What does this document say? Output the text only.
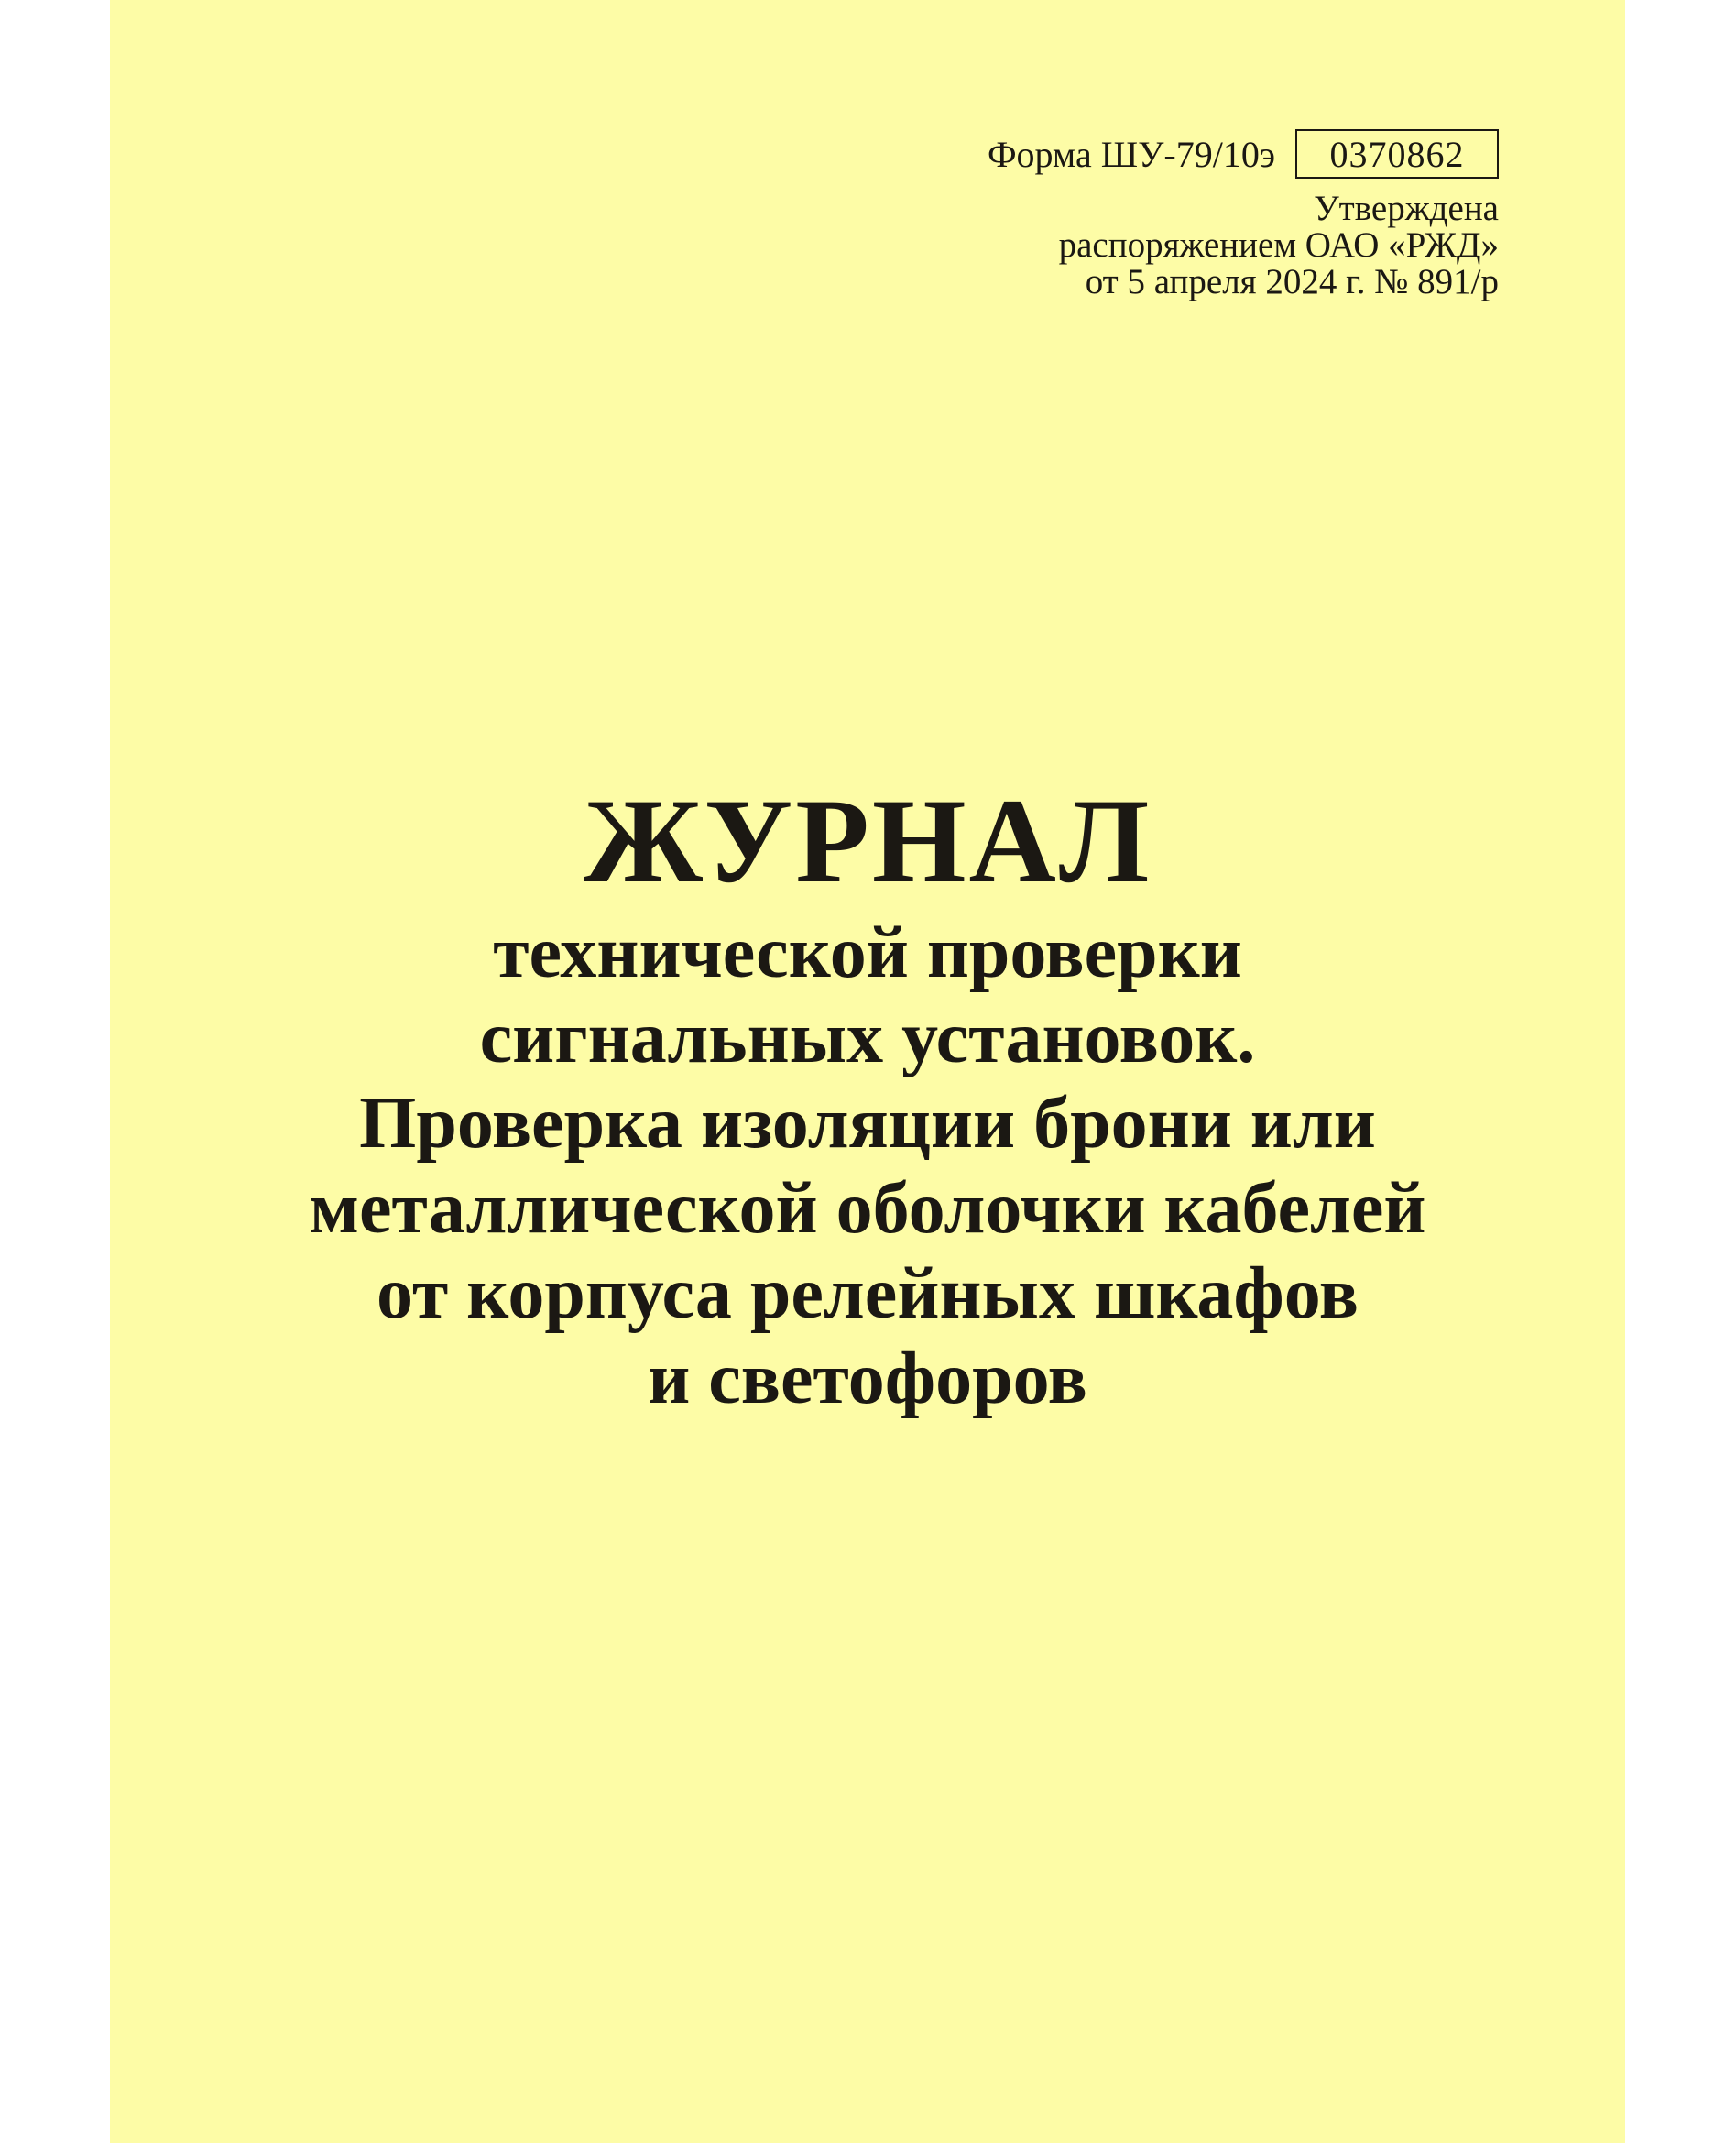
Форма ШУ-79/10э 0370862
Утверждена
распоряжением ОАО «РЖД»
от 5 апреля 2024 г. № 891/р
ЖУРНАЛ
технической проверки
сигнальных установок.
Проверка изоляции брони или
металлической оболочки кабелей
от корпуса релейных шкафов
и светофоров
